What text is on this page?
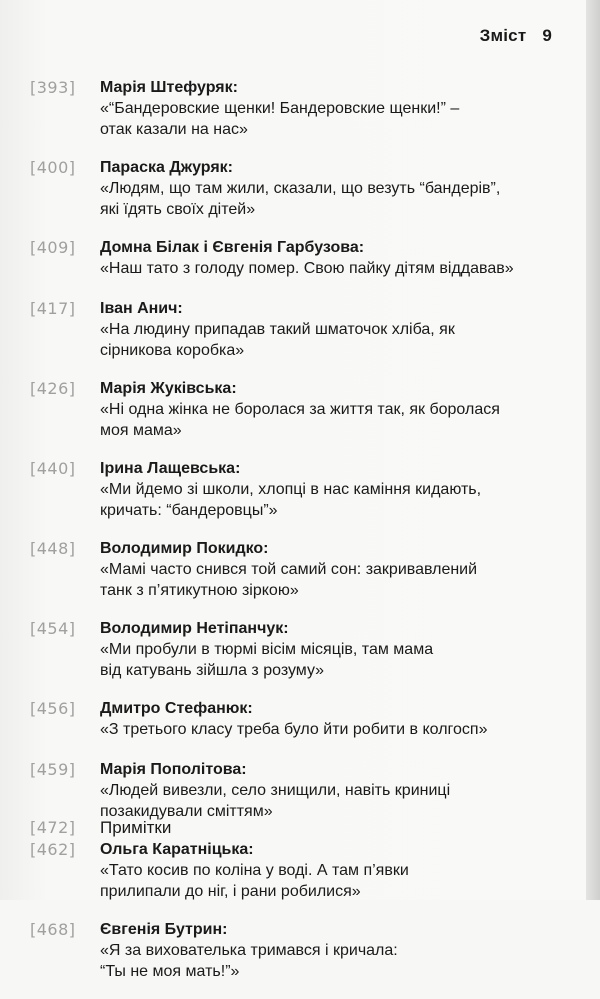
Зміст 9
[393] Марія Штефуряк:
«“Бандеровские щенки! Бандеровские щенки!” –
отак казали на нас»
[400] Параска Джуряк:
«Людям, що там жили, сказали, що везуть “бандерів”,
які їдять своїх дітей»
[409] Домна Білак і Євгенія Гарбузова:
«Наш тато з голоду помер. Свою пайку дітям віддавав»
[417] Іван Анич:
«На людину припадав такий шматочок хліба, як
сірникова коробка»
[426] Марія Жуківська:
«Ні одна жінка не боролася за життя так, як боролася
моя мама»
[440] Ірина Лащевська:
«Ми йдемо зі школи, хлопці в нас каміння кидають,
кричать: “бандеровцы”»
[448] Володимир Покидко:
«Мамі часто снився той самий сон: закривавлений
танк з п’ятикутною зіркою»
[454] Володимир Нетіпанчук:
«Ми пробули в тюрмі вісім місяців, там мама
від катувань зійшла з розуму»
[456] Дмитро Стефанюк:
«З третього класу треба було йти робити в колгосп»
[459] Марія Пополітова:
«Людей вивезли, село знищили, навіть криниці
позакидували сміттям»
[462] Ольга Каратніцька:
«Тато косив по коліна у воді. А там п’явки
прилипали до ніг, і рани робилися»
[468] Євгенія Бутрин:
«Я за вихователька тримався і кричала:
“Ты не моя мать!”»
[472] Примітки
